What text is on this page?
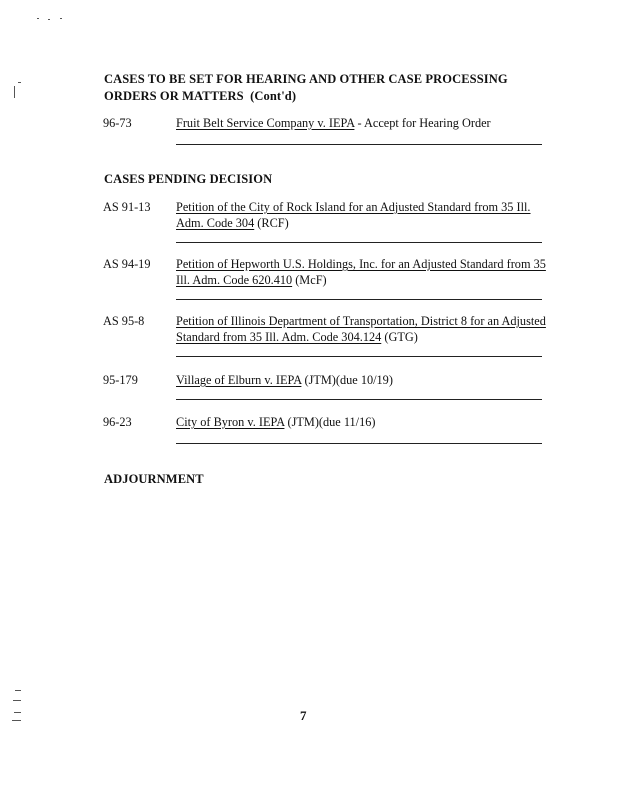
CASES TO BE SET FOR HEARING AND OTHER CASE PROCESSING
ORDERS OR MATTERS (Cont'd)
96-73	Fruit Belt Service Company v. IEPA - Accept for Hearing Order
CASES PENDING DECISION
AS 91-13	Petition of the City of Rock Island for an Adjusted Standard from 35 Ill. Adm. Code 304 (RCF)
AS 94-19	Petition of Hepworth U.S. Holdings, Inc. for an Adjusted Standard from 35 Ill. Adm. Code 620.410 (McF)
AS 95-8	Petition of Illinois Department of Transportation, District 8 for an Adjusted Standard from 35 Ill. Adm. Code 304.124 (GTG)
95-179	Village of Elburn v. IEPA (JTM)(due 10/19)
96-23	City of Byron v. IEPA (JTM)(due 11/16)
ADJOURNMENT
7
